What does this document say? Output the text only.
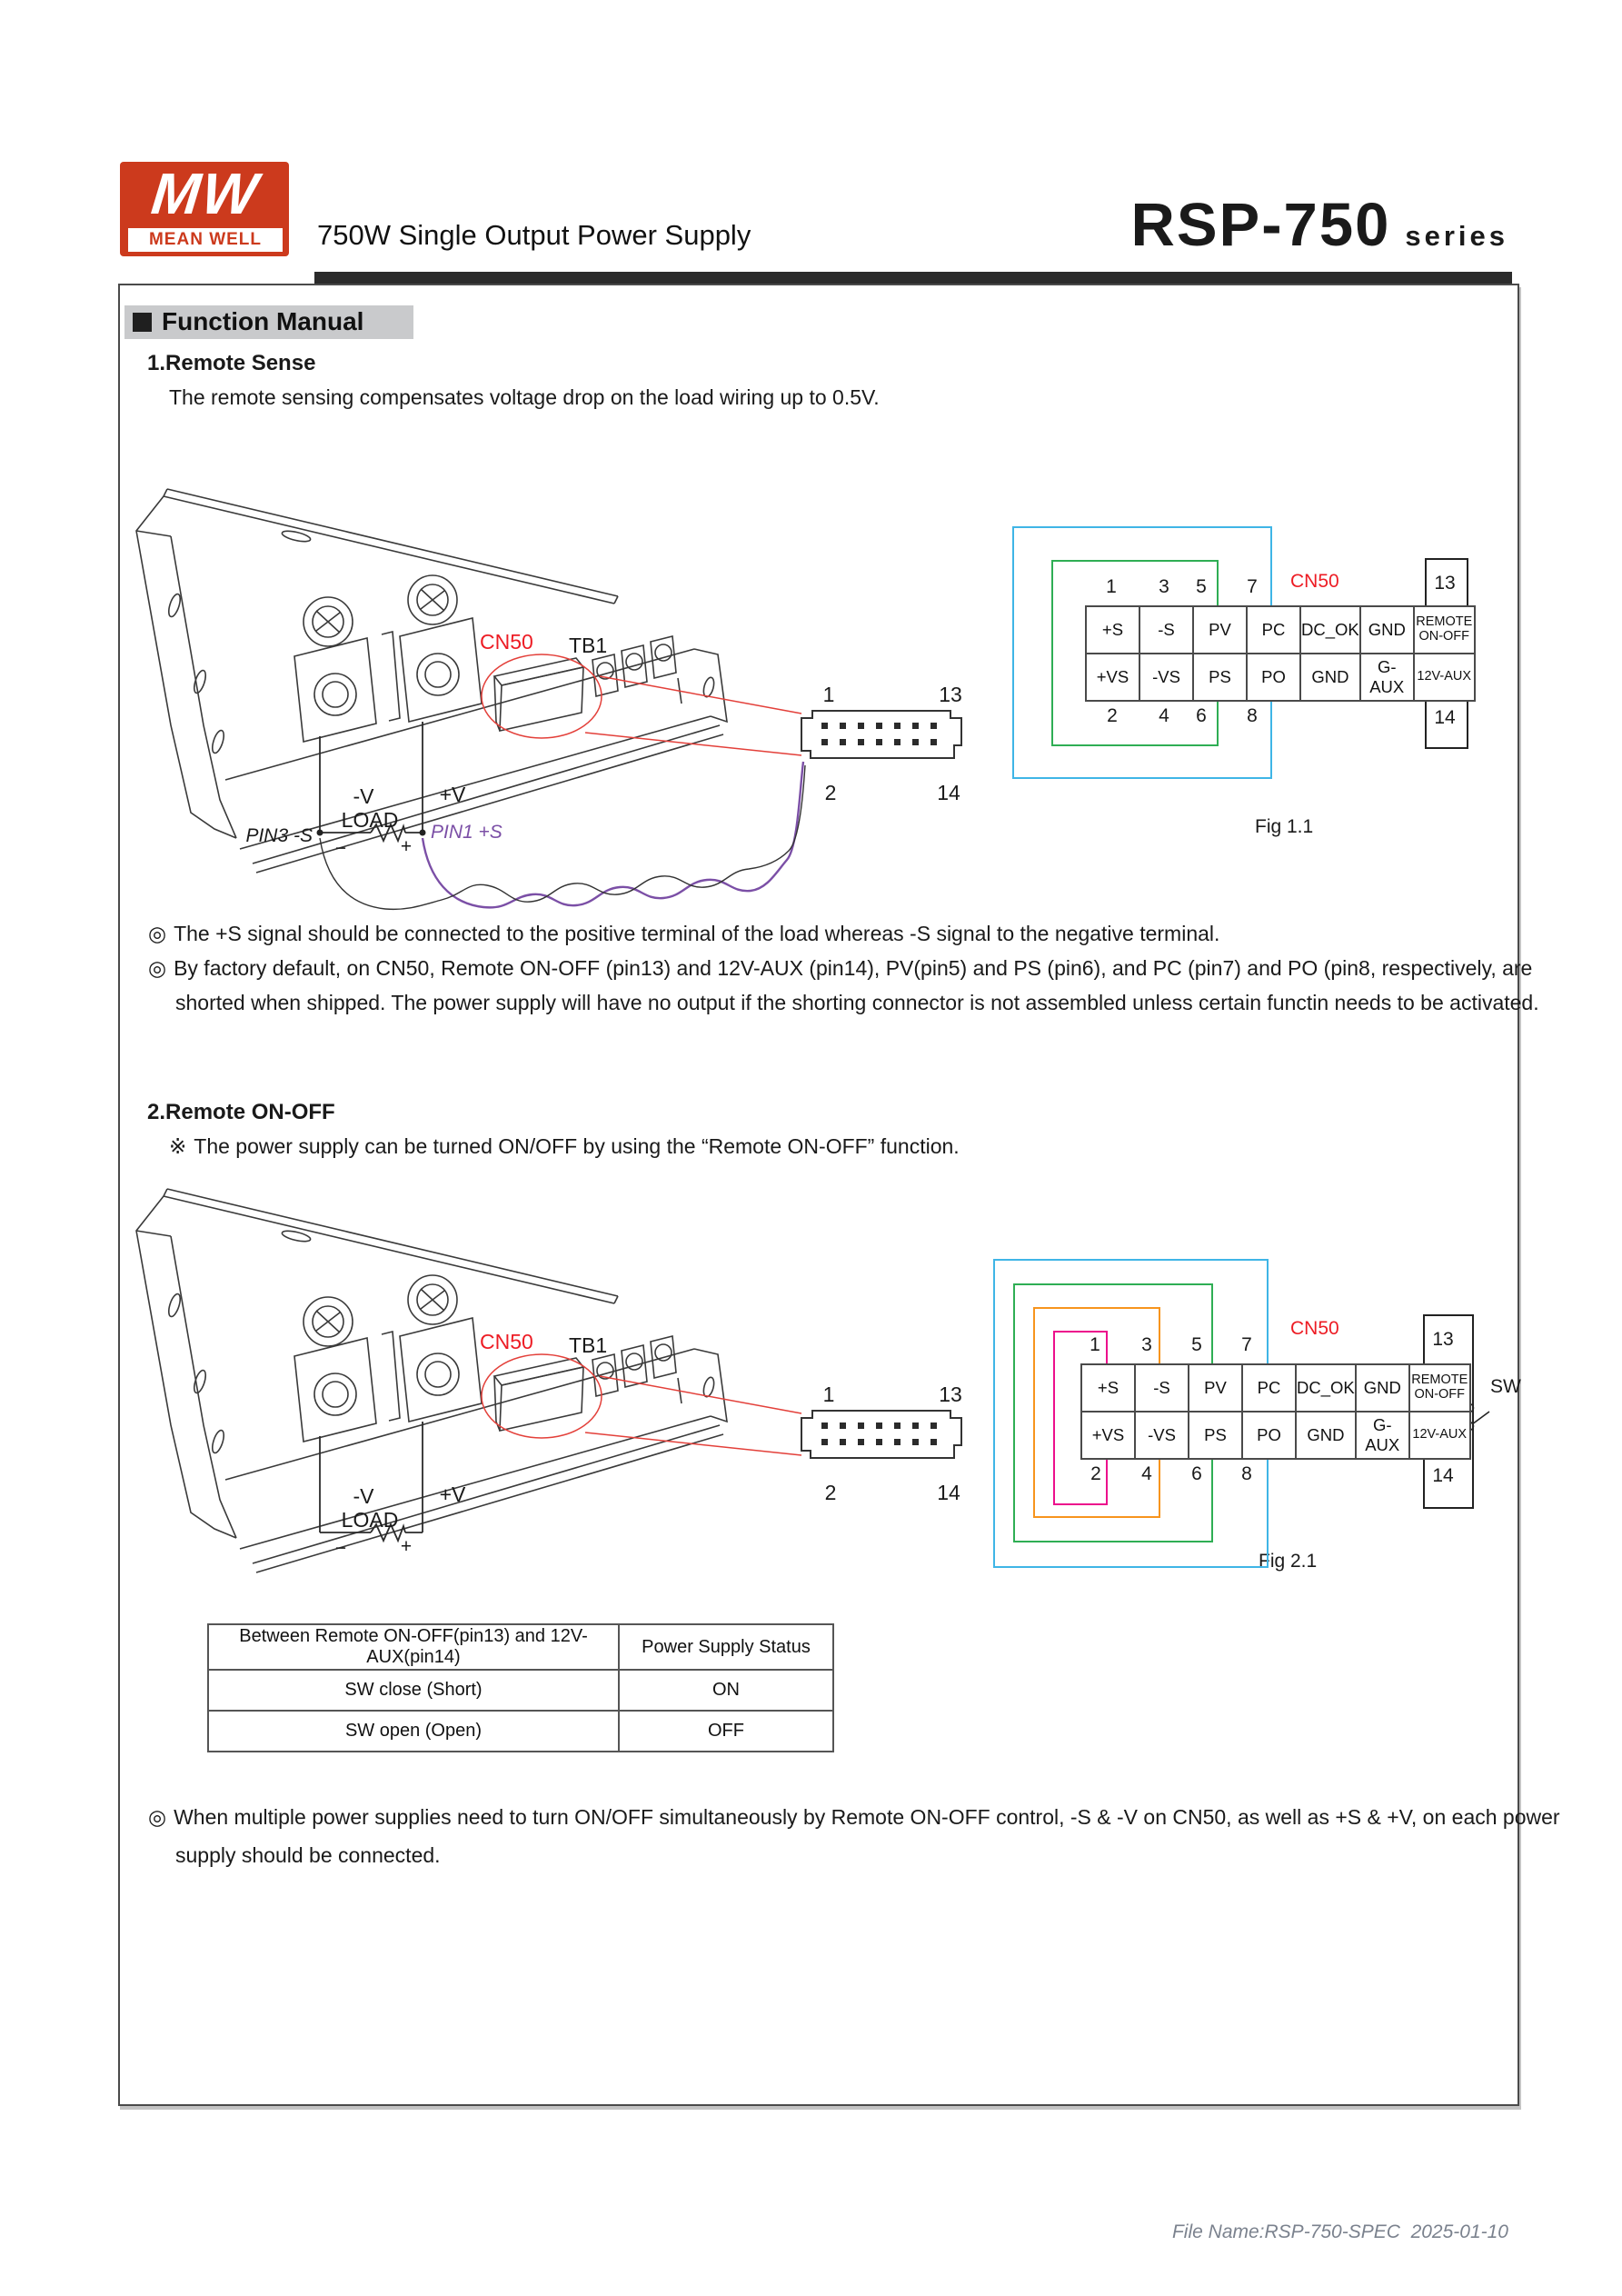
MW
MEAN WELL	750W Single Output Power Supply	RSP-750 series
Function Manual
1.Remote Sense
The remote sensing compensates voltage drop on the load wiring up to 0.5V.
CN50 TB1
-V	+V
LOAD
−	+
PIN3 -S	PIN1 +S
1	13
2	14
CN50
1 3 5 7	13
2 4 6 8	14
+S	-S	PV	PC	DC_OK	GND	REMOTE ON-OFF
+VS	-VS	PS	PO	GND	G-AUX	12V-AUX
Fig 1.1
◎ The +S signal should be connected to the positive terminal of the load whereas -S signal to the negative terminal.
◎ By factory default, on CN50, Remote ON-OFF (pin13) and 12V-AUX (pin14), PV(pin5) and PS (pin6), and PC (pin7) and PO (pin8, respectively, are
shorted when shipped. The power supply will have no output if the shorting connector is not assembled unless certain functin needs to be activated.
2.Remote ON-OFF
※ The power supply can be turned ON/OFF by using the “Remote ON-OFF” function.
CN50 TB1
-V	+V
LOAD
−	+
1	13
2	14
CN50
1 3 5 7	13
2 4 6 8	14
+S	-S	PV	PC	DC_OK	GND	REMOTE ON-OFF
+VS	-VS	PS	PO	GND	G-AUX	12V-AUX
SW
Fig 2.1
Between Remote ON-OFF(pin13) and 12V-AUX(pin14)	Power Supply Status
SW close (Short)	ON
SW open (Open)	OFF
◎ When multiple power supplies need to turn ON/OFF simultaneously by Remote ON-OFF control, -S & -V on CN50, as well as +S & +V, on each power
supply should be connected.
File Name:RSP-750-SPEC  2025-01-10
